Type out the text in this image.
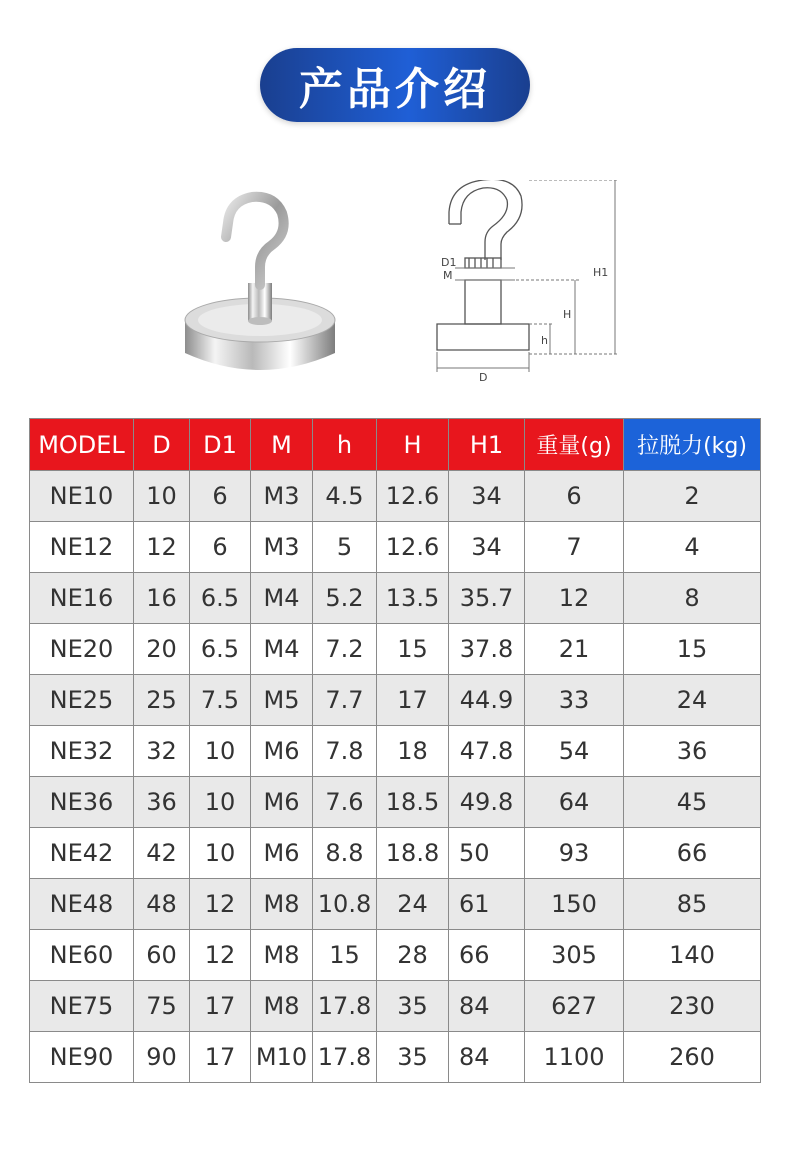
产品介绍
D1
M	H1
H
h
D
MODEL	D	D1	M	h	H	H1	重量(g)	拉脱力(kg)
NE10	10	6	M3	4.5	12.6	34	6	2
NE12	12	6	M3	5	12.6	34	7	4
NE16	16	6.5	M4	5.2	13.5	35.7	12	8
NE20	20	6.5	M4	7.2	15	37.8	21	15
NE25	25	7.5	M5	7.7	17	44.9	33	24
NE32	32	10	M6	7.8	18	47.8	54	36
NE36	36	10	M6	7.6	18.5	49.8	64	45
NE42	42	10	M6	8.8	18.8	50	93	66
NE48	48	12	M8	10.8	24	61	150	85
NE60	60	12	M8	15	28	66	305	140
NE75	75	17	M8	17.8	35	84	627	230
NE90	90	17	M10	17.8	35	84	1100	260
